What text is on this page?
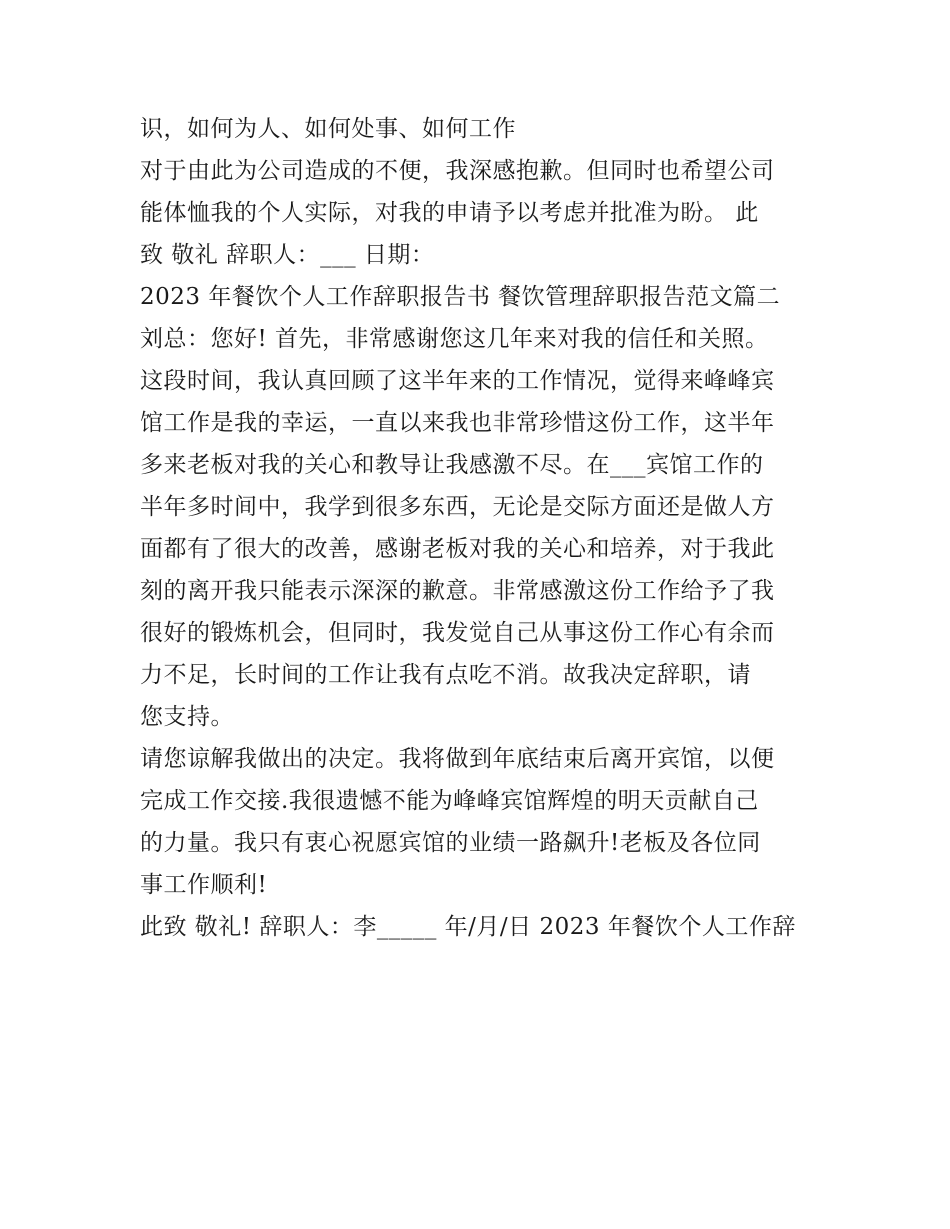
识，如何为人、如何处事、如何工作
对于由此为公司造成的不便，我深感抱歉。但同时也希望公司
能体恤我的个人实际，对我的申请予以考虑并批准为盼。 此
致 敬礼 辞职人：___ 日期：
2023 年餐饮个人工作辞职报告书 餐饮管理辞职报告范文篇二
刘总：您好! 首先，非常感谢您这几年来对我的信任和关照。
这段时间，我认真回顾了这半年来的工作情况，觉得来峰峰宾
馆工作是我的幸运，一直以来我也非常珍惜这份工作，这半年
多来老板对我的关心和教导让我感激不尽。在___宾馆工作的
半年多时间中，我学到很多东西，无论是交际方面还是做人方
面都有了很大的改善，感谢老板对我的关心和培养，对于我此
刻的离开我只能表示深深的歉意。非常感激这份工作给予了我
很好的锻炼机会，但同时，我发觉自己从事这份工作心有余而
力不足，长时间的工作让我有点吃不消。故我决定辞职，请
您支持。
请您谅解我做出的决定。我将做到年底结束后离开宾馆，以便
完成工作交接.我很遗憾不能为峰峰宾馆辉煌的明天贡献自己
的力量。我只有衷心祝愿宾馆的业绩一路飙升!老板及各位同
事工作顺利!
此致 敬礼! 辞职人：李_____ 年/月/日 2023 年餐饮个人工作辞
